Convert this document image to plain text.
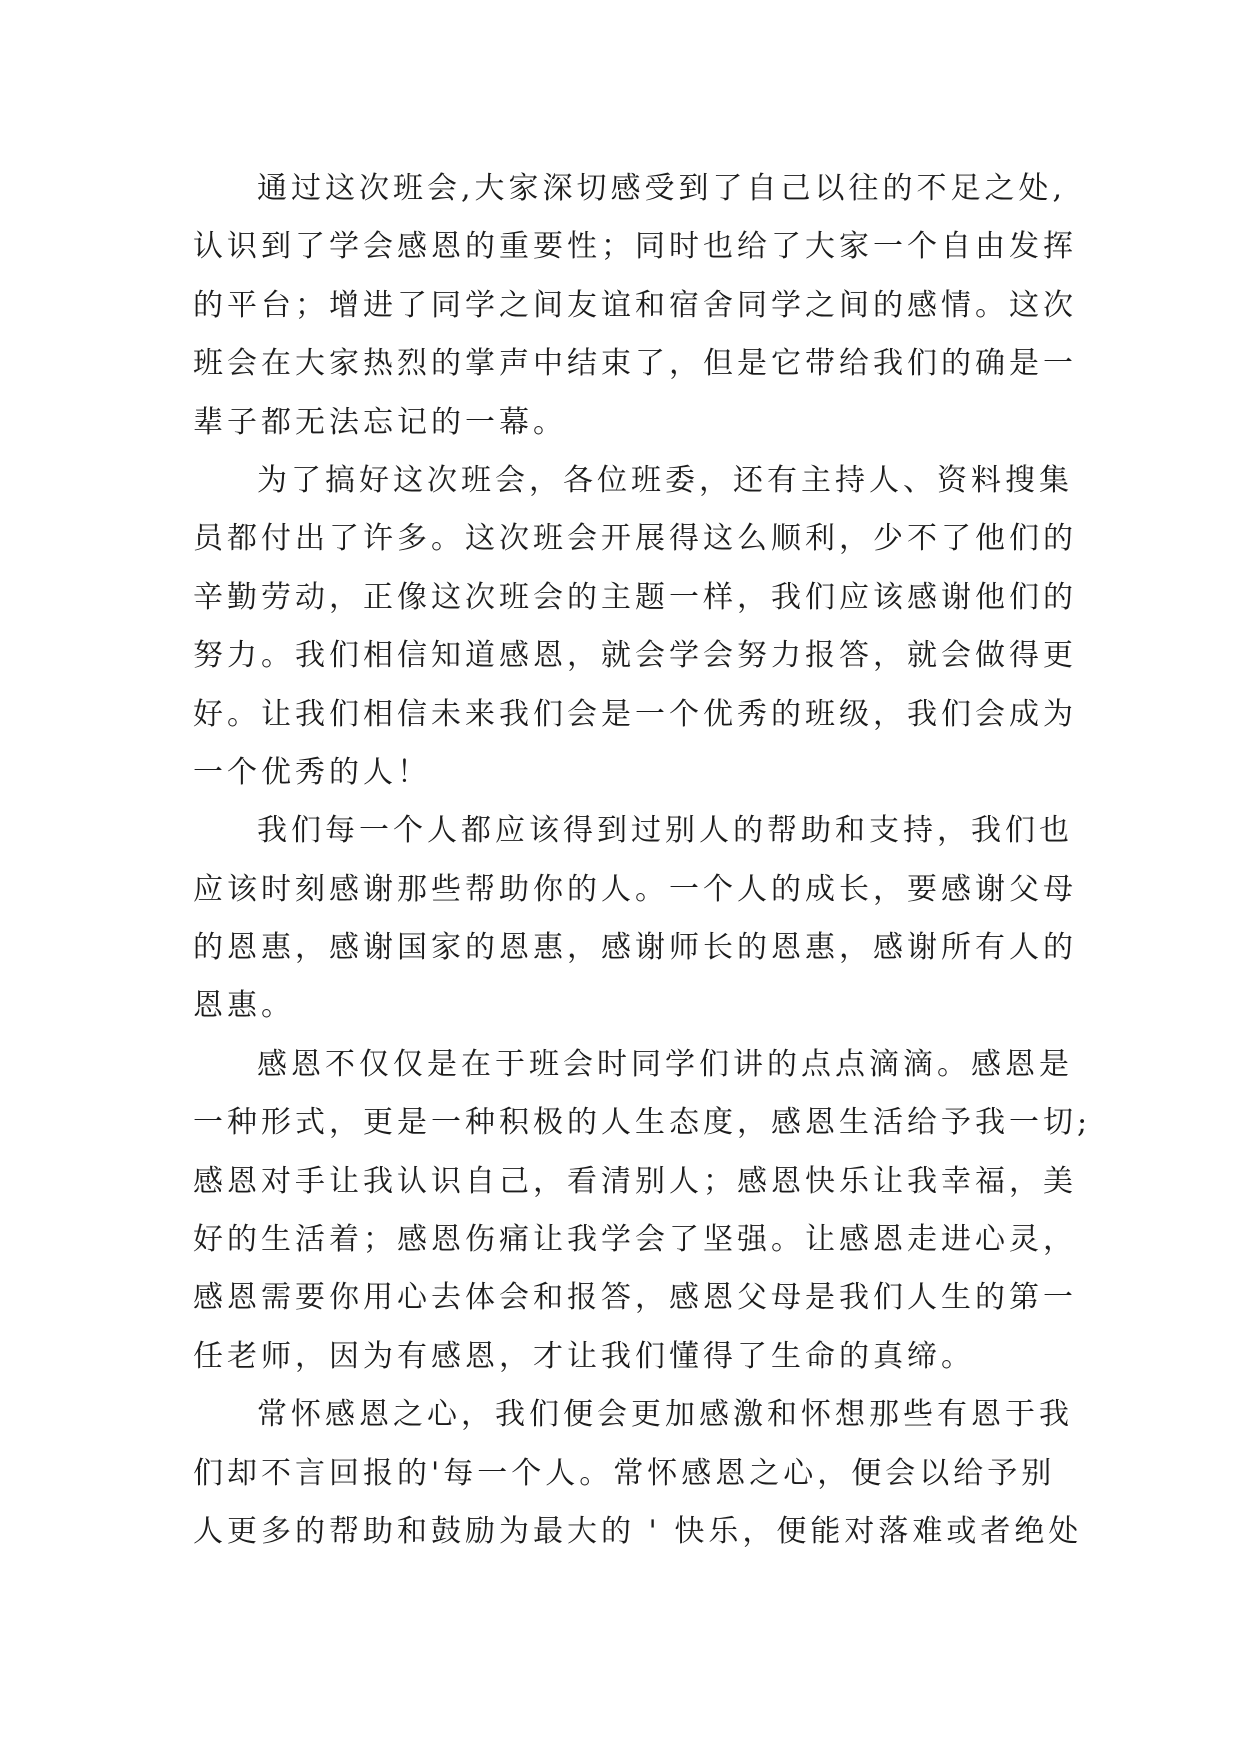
通过这次班会,大家深切感受到了自己以往的不足之处,
认识到了学会感恩的重要性；同时也给了大家一个自由发挥
的平台；增进了同学之间友谊和宿舍同学之间的感情。这次
班会在大家热烈的掌声中结束了，但是它带给我们的确是一
辈子都无法忘记的一幕。
为了搞好这次班会，各位班委，还有主持人、资料搜集
员都付出了许多。这次班会开展得这么顺利，少不了他们的
辛勤劳动，正像这次班会的主题一样，我们应该感谢他们的
努力。我们相信知道感恩，就会学会努力报答，就会做得更
好。让我们相信未来我们会是一个优秀的班级，我们会成为
一个优秀的人！
我们每一个人都应该得到过别人的帮助和支持，我们也
应该时刻感谢那些帮助你的人。一个人的成长，要感谢父母
的恩惠，感谢国家的恩惠，感谢师长的恩惠，感谢所有人的
恩惠。
感恩不仅仅是在于班会时同学们讲的点点滴滴。感恩是
一种形式，更是一种积极的人生态度，感恩生活给予我一切;
感恩对手让我认识自己，看清别人；感恩快乐让我幸福，美
好的生活着；感恩伤痛让我学会了坚强。让感恩走进心灵，
感恩需要你用心去体会和报答，感恩父母是我们人生的第一
任老师，因为有感恩，才让我们懂得了生命的真缔。
常怀感恩之心，我们便会更加感激和怀想那些有恩于我
们却不言回报的'每一个人。常怀感恩之心，便会以给予别
人更多的帮助和鼓励为最大的 ' 快乐，便能对落难或者绝处
